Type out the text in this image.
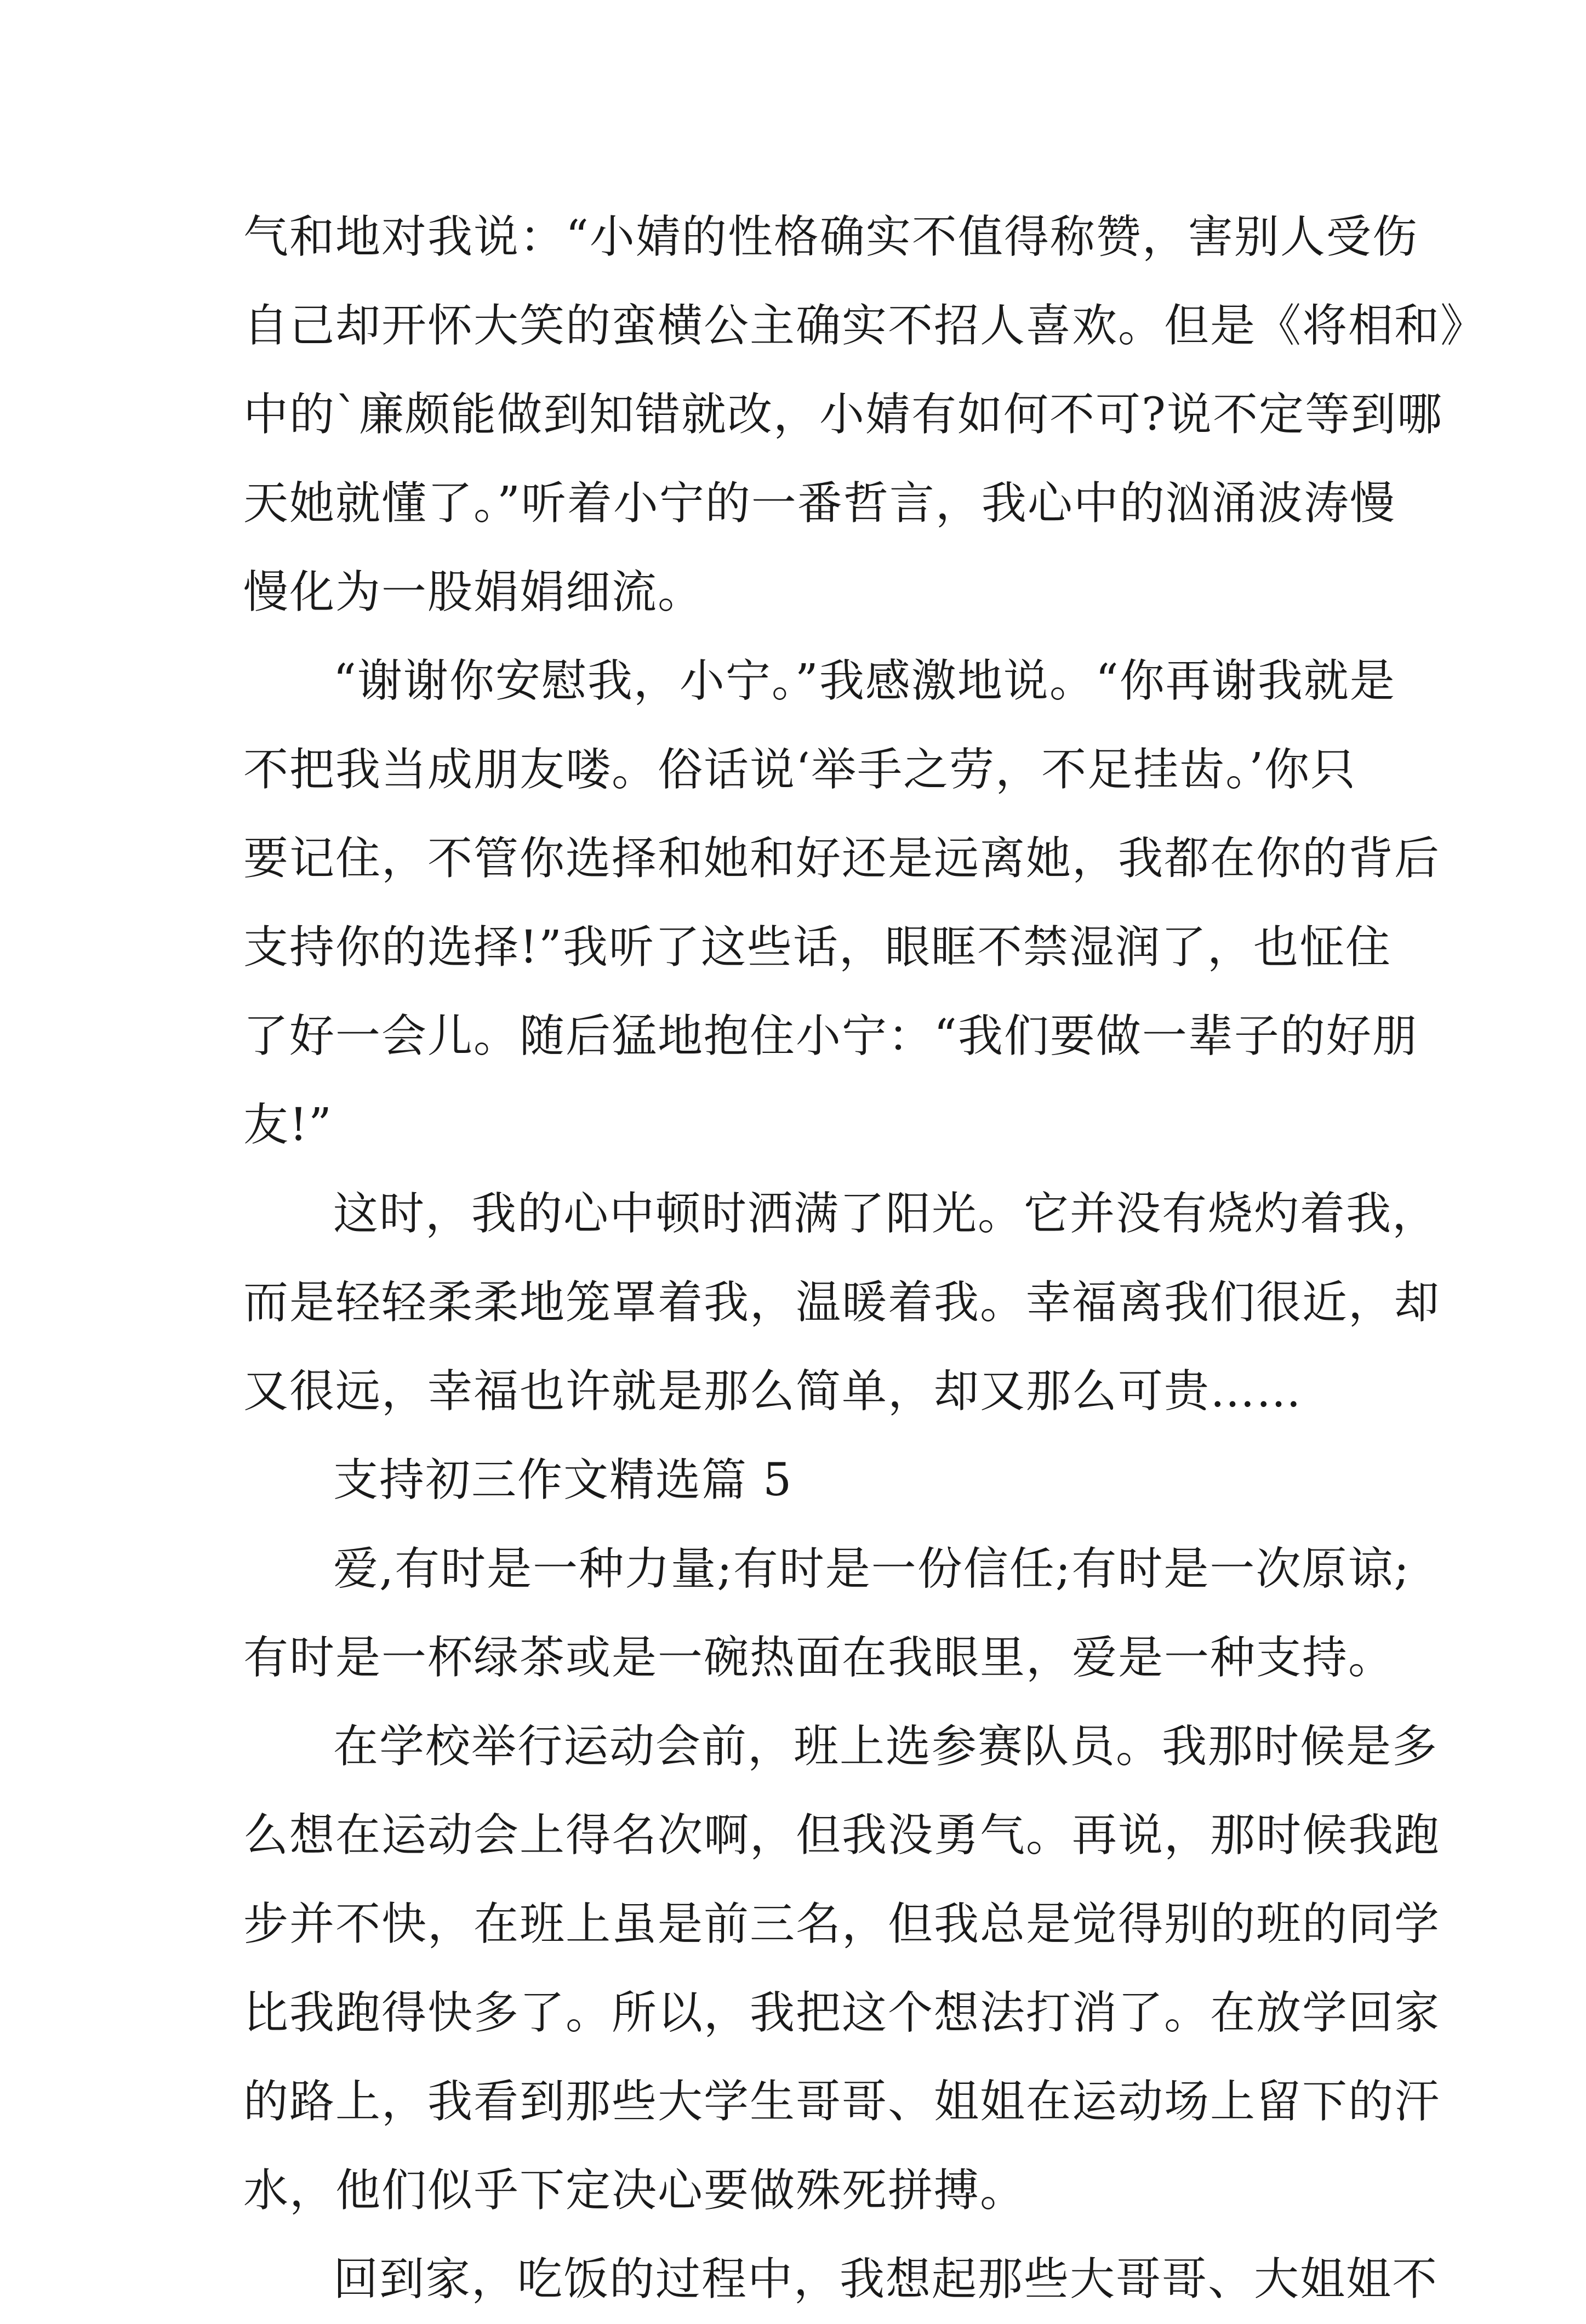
气和地对我说：“小婧的性格确实不值得称赞，害别人受伤
自己却开怀大笑的蛮横公主确实不招人喜欢。但是《将相和》
中的`廉颇能做到知错就改，小婧有如何不可?说不定等到哪
天她就懂了。”听着小宁的一番哲言，我心中的汹涌波涛慢
慢化为一股娟娟细流。
“谢谢你安慰我，小宁。”我感激地说。“你再谢我就是
不把我当成朋友喽。俗话说‘举手之劳，不足挂齿。’你只
要记住，不管你选择和她和好还是远离她，我都在你的背后
支持你的选择!”我听了这些话，眼眶不禁湿润了，也怔住
了好一会儿。随后猛地抱住小宁：“我们要做一辈子的好朋
友!”
这时，我的心中顿时洒满了阳光。它并没有烧灼着我，
而是轻轻柔柔地笼罩着我，温暖着我。幸福离我们很近，却
又很远，幸福也许就是那么简单，却又那么可贵……
支持初三作文精选篇 5
爱,有时是一种力量;有时是一份信任;有时是一次原谅;
有时是一杯绿茶或是一碗热面在我眼里，爱是一种支持。
在学校举行运动会前，班上选参赛队员。我那时候是多
么想在运动会上得名次啊，但我没勇气。再说，那时候我跑
步并不快，在班上虽是前三名，但我总是觉得别的班的同学
比我跑得快多了。所以，我把这个想法打消了。在放学回家
的路上，我看到那些大学生哥哥、姐姐在运动场上留下的汗
水，他们似乎下定决心要做殊死拼搏。
回到家，吃饭的过程中，我想起那些大哥哥、大姐姐不
